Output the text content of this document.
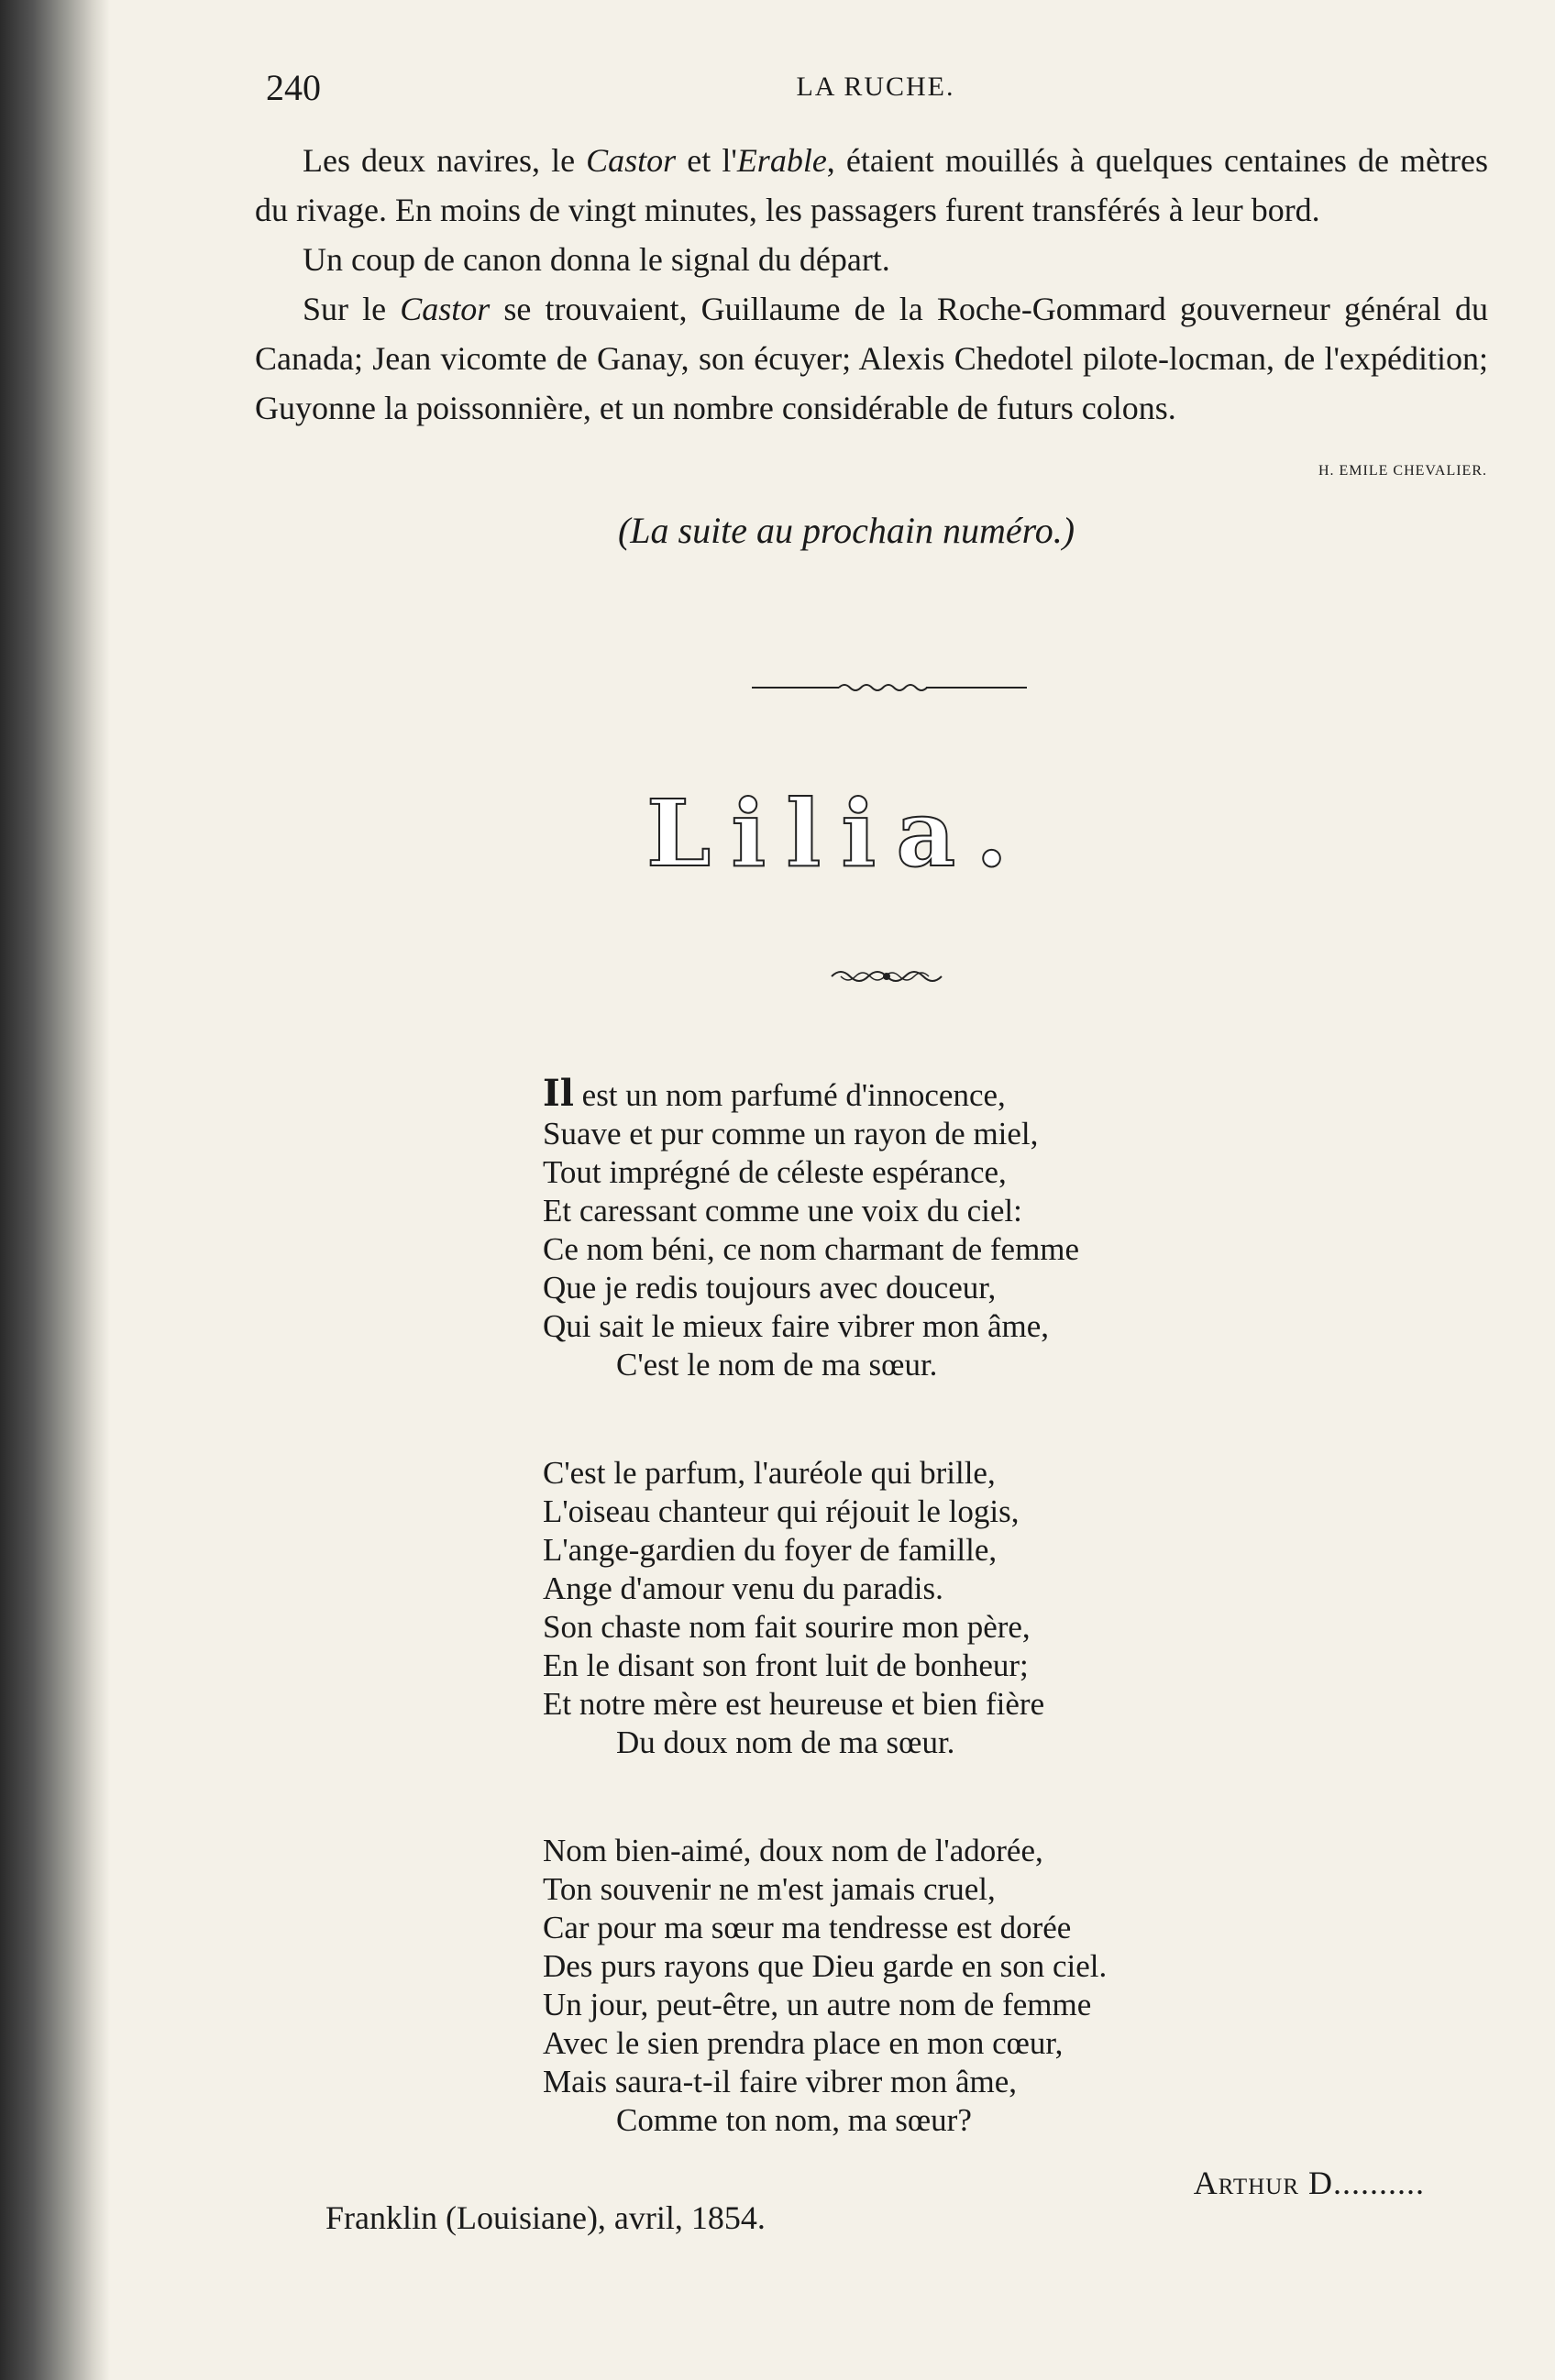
240	LA RUCHE.

Les deux navires, le Castor et l'Erable, étaient mouillés à quelques centaines de mètres du rivage. En moins de vingt minutes, les passagers furent transférés à leur bord.

Un coup de canon donna le signal du départ.

Sur le Castor se trouvaient, Guillaume de la Roche-Gommard gouverneur général du Canada; Jean vicomte de Ganay, son écuyer; Alexis Chedotel pilote-locman, de l'expédition; Guyonne la poissonnière, et un nombre considérable de futurs colons.

H. EMILE CHEVALIER.
(La suite au prochain numéro.)
Lilia.
Il est un nom parfumé d'innocence,
Suave et pur comme un rayon de miel,
Tout imprégné de céleste espérance,
Et caressant comme une voix du ciel:
Ce nom béni, ce nom charmant de femme
Que je redis toujours avec douceur,
Qui sait le mieux faire vibrer mon âme,
C'est le nom de ma sœur.
C'est le parfum, l'auréole qui brille,
L'oiseau chanteur qui réjouit le logis,
L'ange-gardien du foyer de famille,
Ange d'amour venu du paradis.
Son chaste nom fait sourire mon père,
En le disant son front luit de bonheur;
Et notre mère est heureuse et bien fière
Du doux nom de ma sœur.
Nom bien-aimé, doux nom de l'adorée,
Ton souvenir ne m'est jamais cruel,
Car pour ma sœur ma tendresse est dorée
Des purs rayons que Dieu garde en son ciel.
Un jour, peut-être, un autre nom de femme
Avec le sien prendra place en mon cœur,
Mais saura-t-il faire vibrer mon âme,
Comme ton nom, ma sœur?
Arthur D..........
Franklin (Louisiane), avril, 1854.
